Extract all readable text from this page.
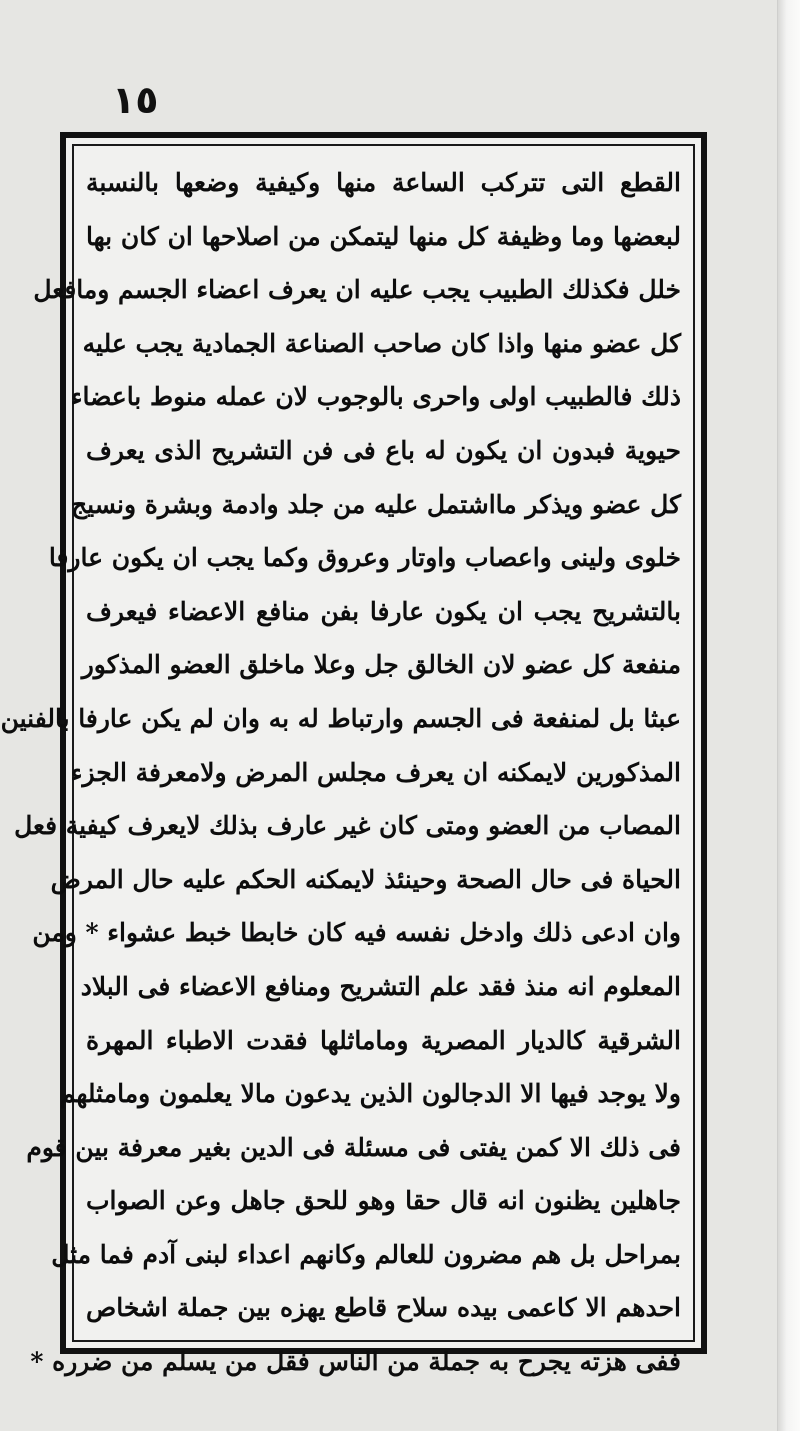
١٥
القطع التى تتركب الساعة منها وكيفية وضعها بالنسبة
لبعضها وما وظيفة كل منها ليتمكن من اصلاحها ان كان بها
خلل فكذلك الطبيب يجب عليه ان يعرف اعضاء الجسم ومافعل
كل عضو منها واذا كان صاحب الصناعة الجمادية يجب عليه
ذلك فالطبيب اولى واحرى بالوجوب لان عمله منوط باعضاء
حيوية فبدون ان يكون له باع فى فن التشريح الذى يعرف
كل عضو ويذكر مااشتمل عليه من جلد وادمة وبشرة ونسيج
خلوى ولينى واعصاب واوتار وعروق وكما يجب ان يكون عارفا
بالتشريح يجب ان يكون عارفا بفن منافع الاعضاء فيعرف
منفعة كل عضو لان الخالق جل وعلا ماخلق العضو المذكور
عبثا بل لمنفعة فى الجسم وارتباط له به وان لم يكن عارفا بالفنين
المذكورين لايمكنه ان يعرف مجلس المرض ولامعرفة الجزء
المصاب من العضو ومتى كان غير عارف بذلك لايعرف كيفية فعل
الحياة فى حال الصحة وحينئذ لايمكنه الحكم عليه حال المرض
وان ادعى ذلك وادخل نفسه فيه كان خابطا خبط عشواء * ومن
المعلوم انه منذ فقد علم التشريح ومنافع الاعضاء فى البلاد
الشرقية كالديار المصرية وماماثلها فقدت الاطباء المهرة
ولا يوجد فيها الا الدجالون الذين يدعون مالا يعلمون ومامثلهم
فى ذلك الا كمن يفتى فى مسئلة فى الدين بغير معرفة بين قوم
جاهلين يظنون انه قال حقا وهو للحق جاهل وعن الصواب
بمراحل بل هم مضرون للعالم وكانهم اعداء لبنى آدم فما مثل
احدهم الا كاعمى بيده سلاح قاطع يهزه بين جملة اشخاص
ففى هزته يجرح به جملة من الناس فقل من يسلم من ضرره *
